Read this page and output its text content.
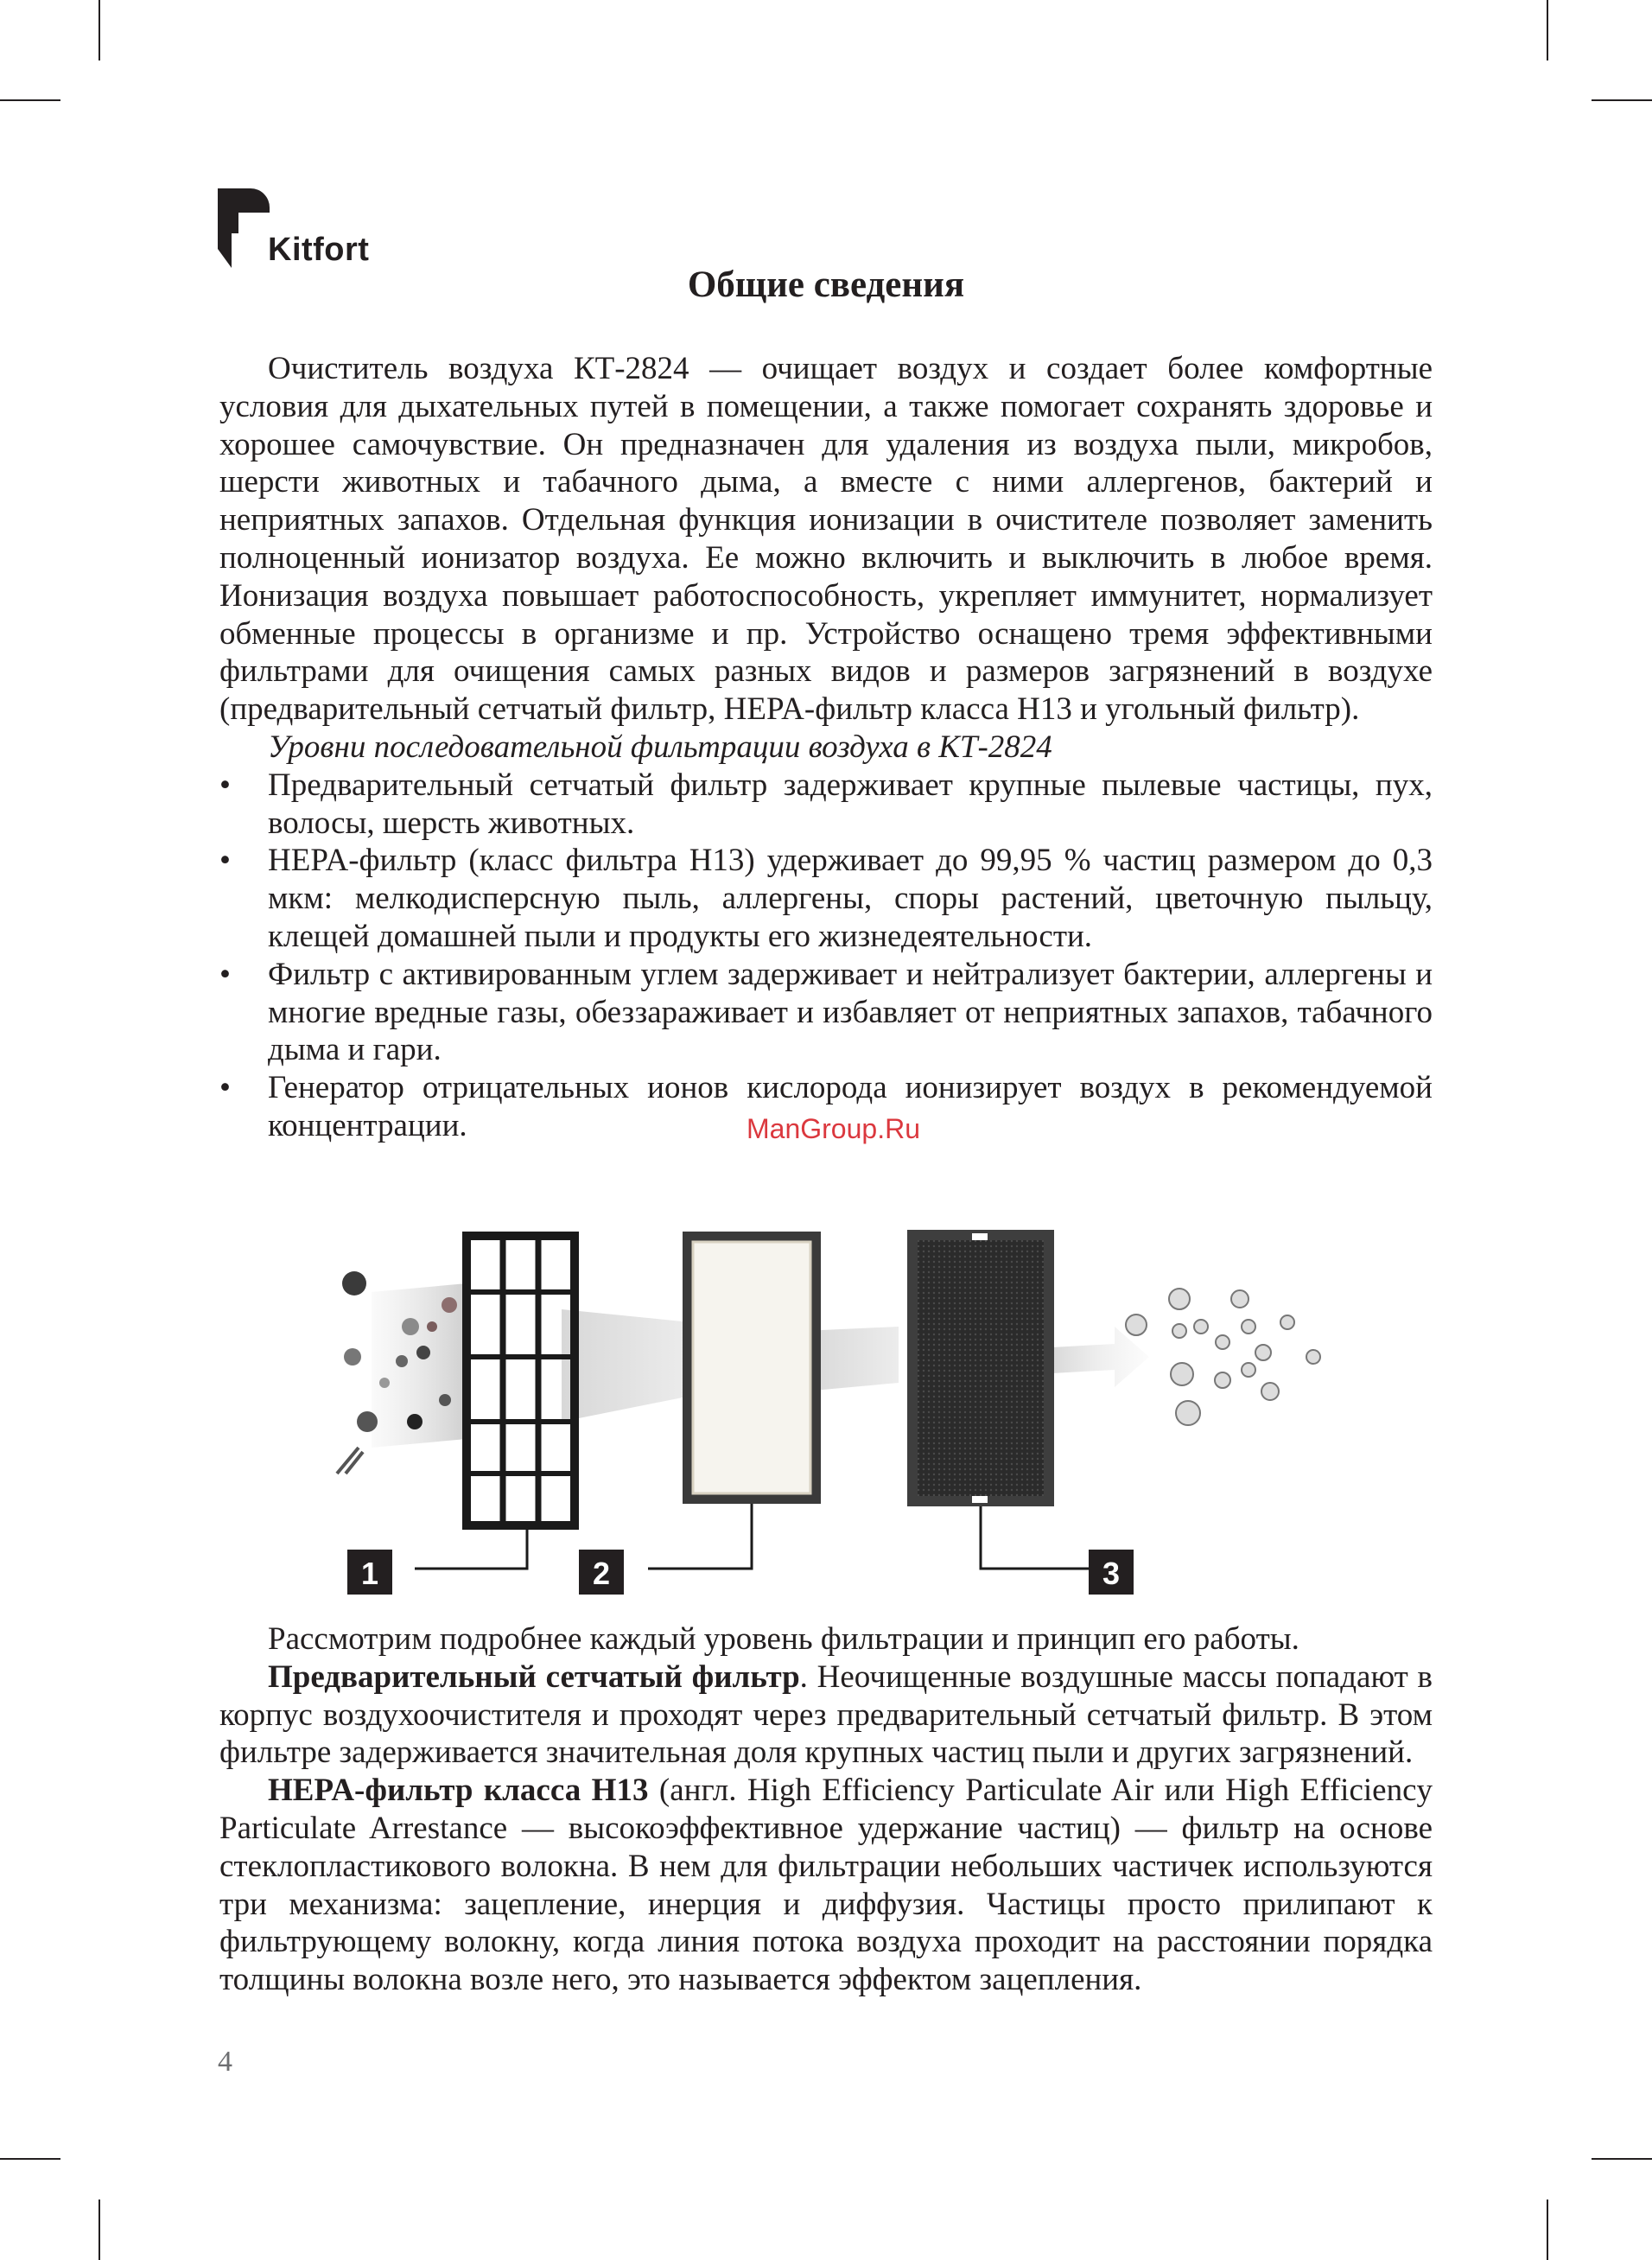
Kitfort
Общие сведения

Очиститель воздуха КТ-2824 — очищает воздух и создает более комфортные условия для дыхательных путей в помещении, а также помогает сохранять здоровье и хорошее самочувствие. Он предназначен для удаления из воздуха пыли, микробов, шерсти животных и табачного дыма, а вместе с ними аллергенов, бактерий и неприятных запахов. Отдельная функция ионизации в очистителе позволяет заменить полноценный ионизатор воздуха. Ее можно включить и выключить в любое время. Ионизация воздуха повышает работоспособность, укрепляет иммунитет, нормализует обменные процессы в организме и пр. Устройство оснащено тремя эффективными фильтрами для очищения самых разных видов и размеров загрязнений в воздухе (предварительный сетчатый фильтр, HEPA-фильтр класса H13 и угольный фильтр).

Уровни последовательной фильтрации воздуха в КТ-2824

• Предварительный сетчатый фильтр задерживает крупные пылевые частицы, пух, волосы, шерсть животных.
• HEPA-фильтр (класс фильтра H13) удерживает до 99,95 % частиц размером до 0,3 мкм: мелкодисперсную пыль, аллергены, споры растений, цветочную пыльцу, клещей домашней пыли и продукты его жизнедеятельности.
• Фильтр с активированным углем задерживает и нейтрализует бактерии, аллергены и многие вредные газы, обеззараживает и избавляет от неприятных запахов, табачного дыма и гари.
• Генератор отрицательных ионов кислорода ионизирует воздух в рекомендуемой концентрации.	ManGroup.Ru
1	2	3

Рассмотрим подробнее каждый уровень фильтрации и принцип его работы.

Предварительный сетчатый фильтр. Неочищенные воздушные массы попадают в корпус воздухоочистителя и проходят через предварительный сетчатый фильтр. В этом фильтре задерживается значительная доля крупных частиц пыли и других загрязнений.

HEPA-фильтр класса H13 (англ. High Efficiency Particulate Air или High Efficiency Particulate Arrestance — высокоэффективное удержание частиц) — фильтр на основе стеклопластикового волокна. В нем для фильтрации небольших частичек используются три механизма: зацепление, инерция и диффузия. Частицы просто прилипают к фильтрующему волокну, когда линия потока воздуха проходит на расстоянии порядка толщины волокна возле него, это называется эффектом зацепления.

4
